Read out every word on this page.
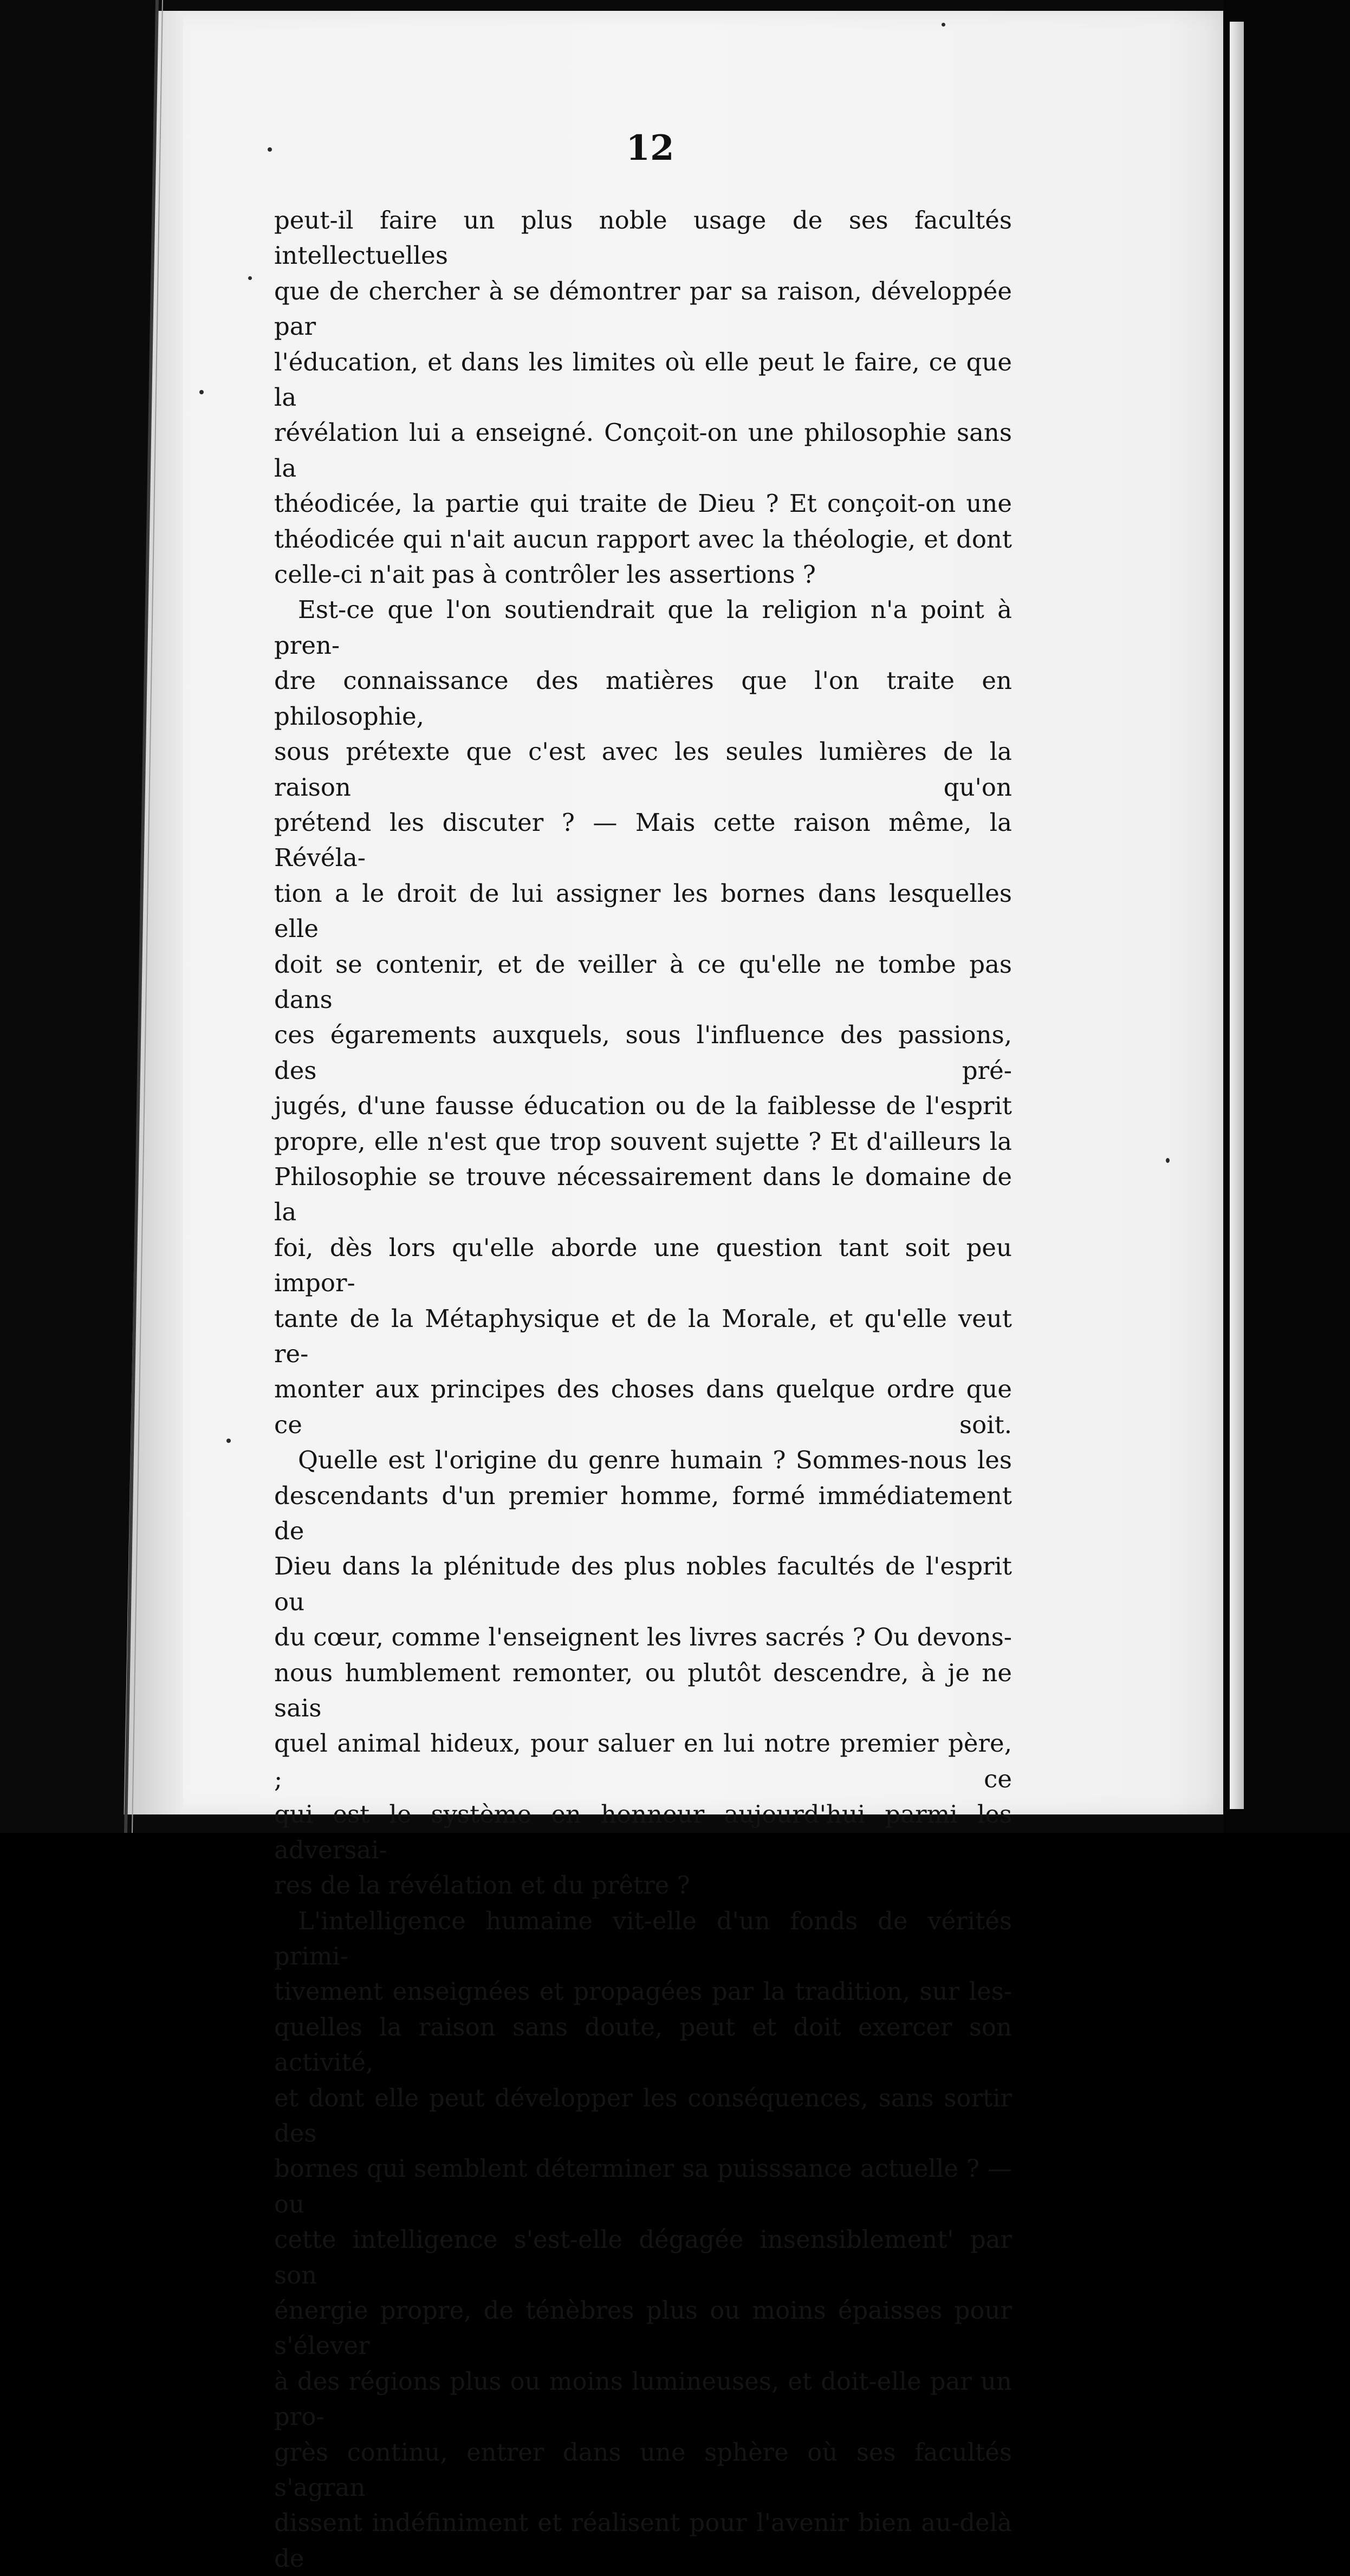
12

peut-il faire un plus noble usage de ses facultés intellectuelles

que de chercher à se démontrer par sa raison, développée par

l'éducation, et dans les limites où elle peut le faire, ce que la

révélation lui a enseigné. Conçoit-on une philosophie sans la

théodicée, la partie qui traite de Dieu ? Et conçoit-on une

théodicée qui n'ait aucun rapport avec la théologie, et dont

celle-ci n'ait pas à contrôler les assertions ?

Est-ce que l'on soutiendrait que la religion n'a point à pren-

dre connaissance des matières que l'on traite en philosophie,

sous prétexte que c'est avec les seules lumières de la raison qu'on

prétend les discuter ? — Mais cette raison même, la Révéla-

tion a le droit de lui assigner les bornes dans lesquelles elle

doit se contenir, et de veiller à ce qu'elle ne tombe pas dans

ces égarements auxquels, sous l'influence des passions, des pré-

jugés, d'une fausse éducation ou de la faiblesse de l'esprit

propre, elle n'est que trop souvent sujette ? Et d'ailleurs la

Philosophie se trouve nécessairement dans le domaine de la

foi, dès lors qu'elle aborde une question tant soit peu impor-

tante de la Métaphysique et de la Morale, et qu'elle veut re-

monter aux principes des choses dans quelque ordre que ce soit.

Quelle est l'origine du genre humain ? Sommes-nous les

descendants d'un premier homme, formé immédiatement de

Dieu dans la plénitude des plus nobles facultés de l'esprit ou

du cœur, comme l'enseignent les livres sacrés ? Ou devons-

nous humblement remonter, ou plutôt descendre, à je ne sais

quel animal hideux, pour saluer en lui notre premier père, ; ce

qui est le système en honneur aujourd'hui parmi les adversai-

res de la révélation et du prêtre ?

L'intelligence humaine vit-elle d'un fonds de vérités primi-

tivement enseignées et propagées par la tradition, sur les-

quelles la raison sans doute, peut et doit exercer son activité,

et dont elle peut développer les conséquences, sans sortir des

bornes qui semblent déterminer sa puisssance actuelle ? — ou

cette intelligence s'est-elle dégagée insensiblement' par son

énergie propre, de ténèbres plus ou moins épaisses pour s'élever

à des régions plus ou moins lumineuses, et doit-elle par un pro-

grès continu, entrer dans une sphère où ses facultés s'agran

dissent indéfiniment et réalisent pour l'avenir bien au-delà de
